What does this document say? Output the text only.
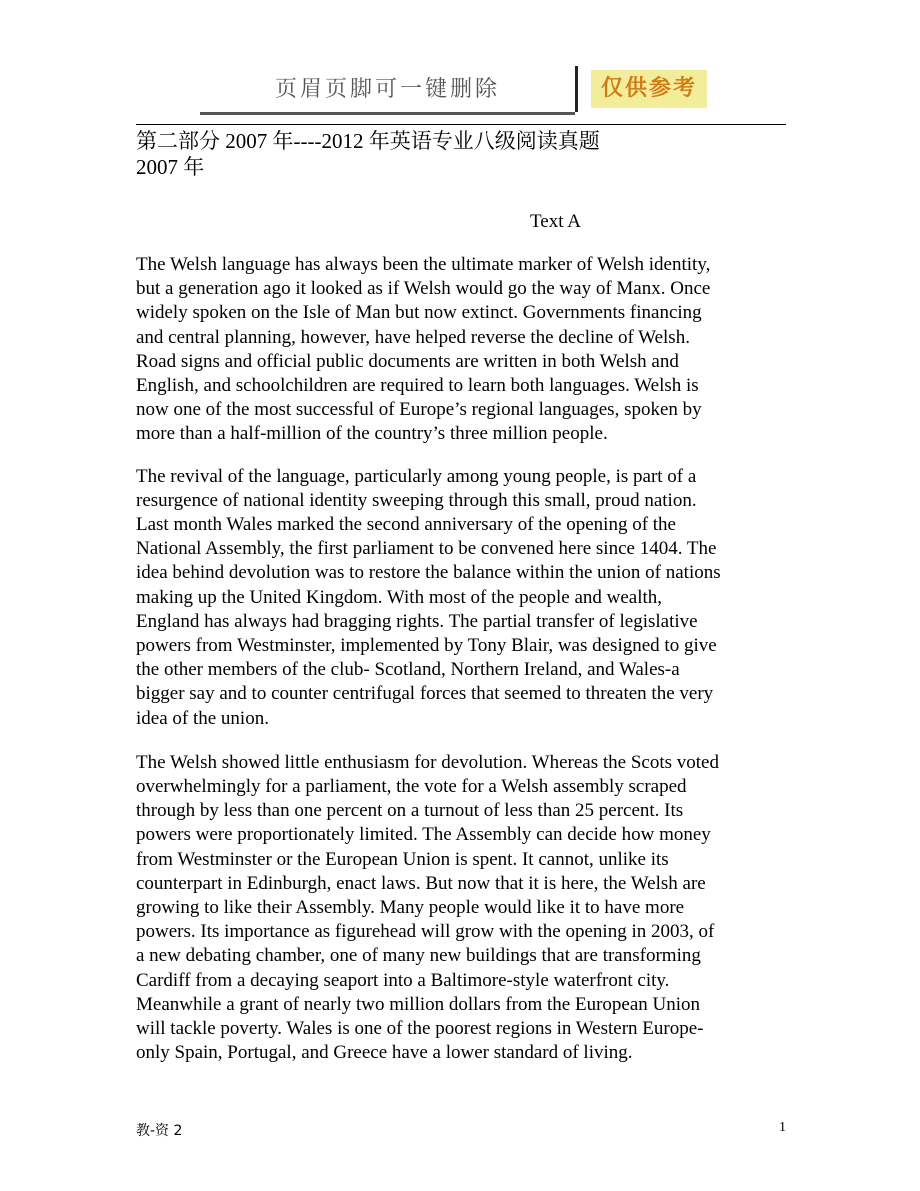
页眉页脚可一键删除	仅供参考

第二部分 2007 年----2012 年英语专业八级阅读真题

2007 年

Text A

The Welsh language has always been the ultimate marker of Welsh identity,
but a generation ago it looked as if Welsh would go the way of Manx. Once
widely spoken on the Isle of Man but now extinct. Governments financing
and central planning, however, have helped reverse the decline of Welsh.
Road signs and official public documents are written in both Welsh and
English, and schoolchildren are required to learn both languages. Welsh is
now one of the most successful of Europe’s regional languages, spoken by
more than a half-million of the country’s three million people.

The revival of the language, particularly among young people, is part of a
resurgence of national identity sweeping through this small, proud nation.
Last month Wales marked the second anniversary of the opening of the
National Assembly, the first parliament to be convened here since 1404. The
idea behind devolution was to restore the balance within the union of nations
making up the United Kingdom. With most of the people and wealth,
England has always had bragging rights. The partial transfer of legislative
powers from Westminster, implemented by Tony Blair, was designed to give
the other members of the club- Scotland, Northern Ireland, and Wales-a
bigger say and to counter centrifugal forces that seemed to threaten the very
idea of the union.

The Welsh showed little enthusiasm for devolution. Whereas the Scots voted
overwhelmingly for a parliament, the vote for a Welsh assembly scraped
through by less than one percent on a turnout of less than 25 percent. Its
powers were proportionately limited. The Assembly can decide how money
from Westminster or the European Union is spent. It cannot, unlike its
counterpart in Edinburgh, enact laws. But now that it is here, the Welsh are
growing to like their Assembly. Many people would like it to have more
powers. Its importance as figurehead will grow with the opening in 2003, of
a new debating chamber, one of many new buildings that are transforming
Cardiff from a decaying seaport into a Baltimore-style waterfront city.
Meanwhile a grant of nearly two million dollars from the European Union
will tackle poverty. Wales is one of the poorest regions in Western Europe-
only Spain, Portugal, and Greece have a lower standard of living.

教-资 2	1
